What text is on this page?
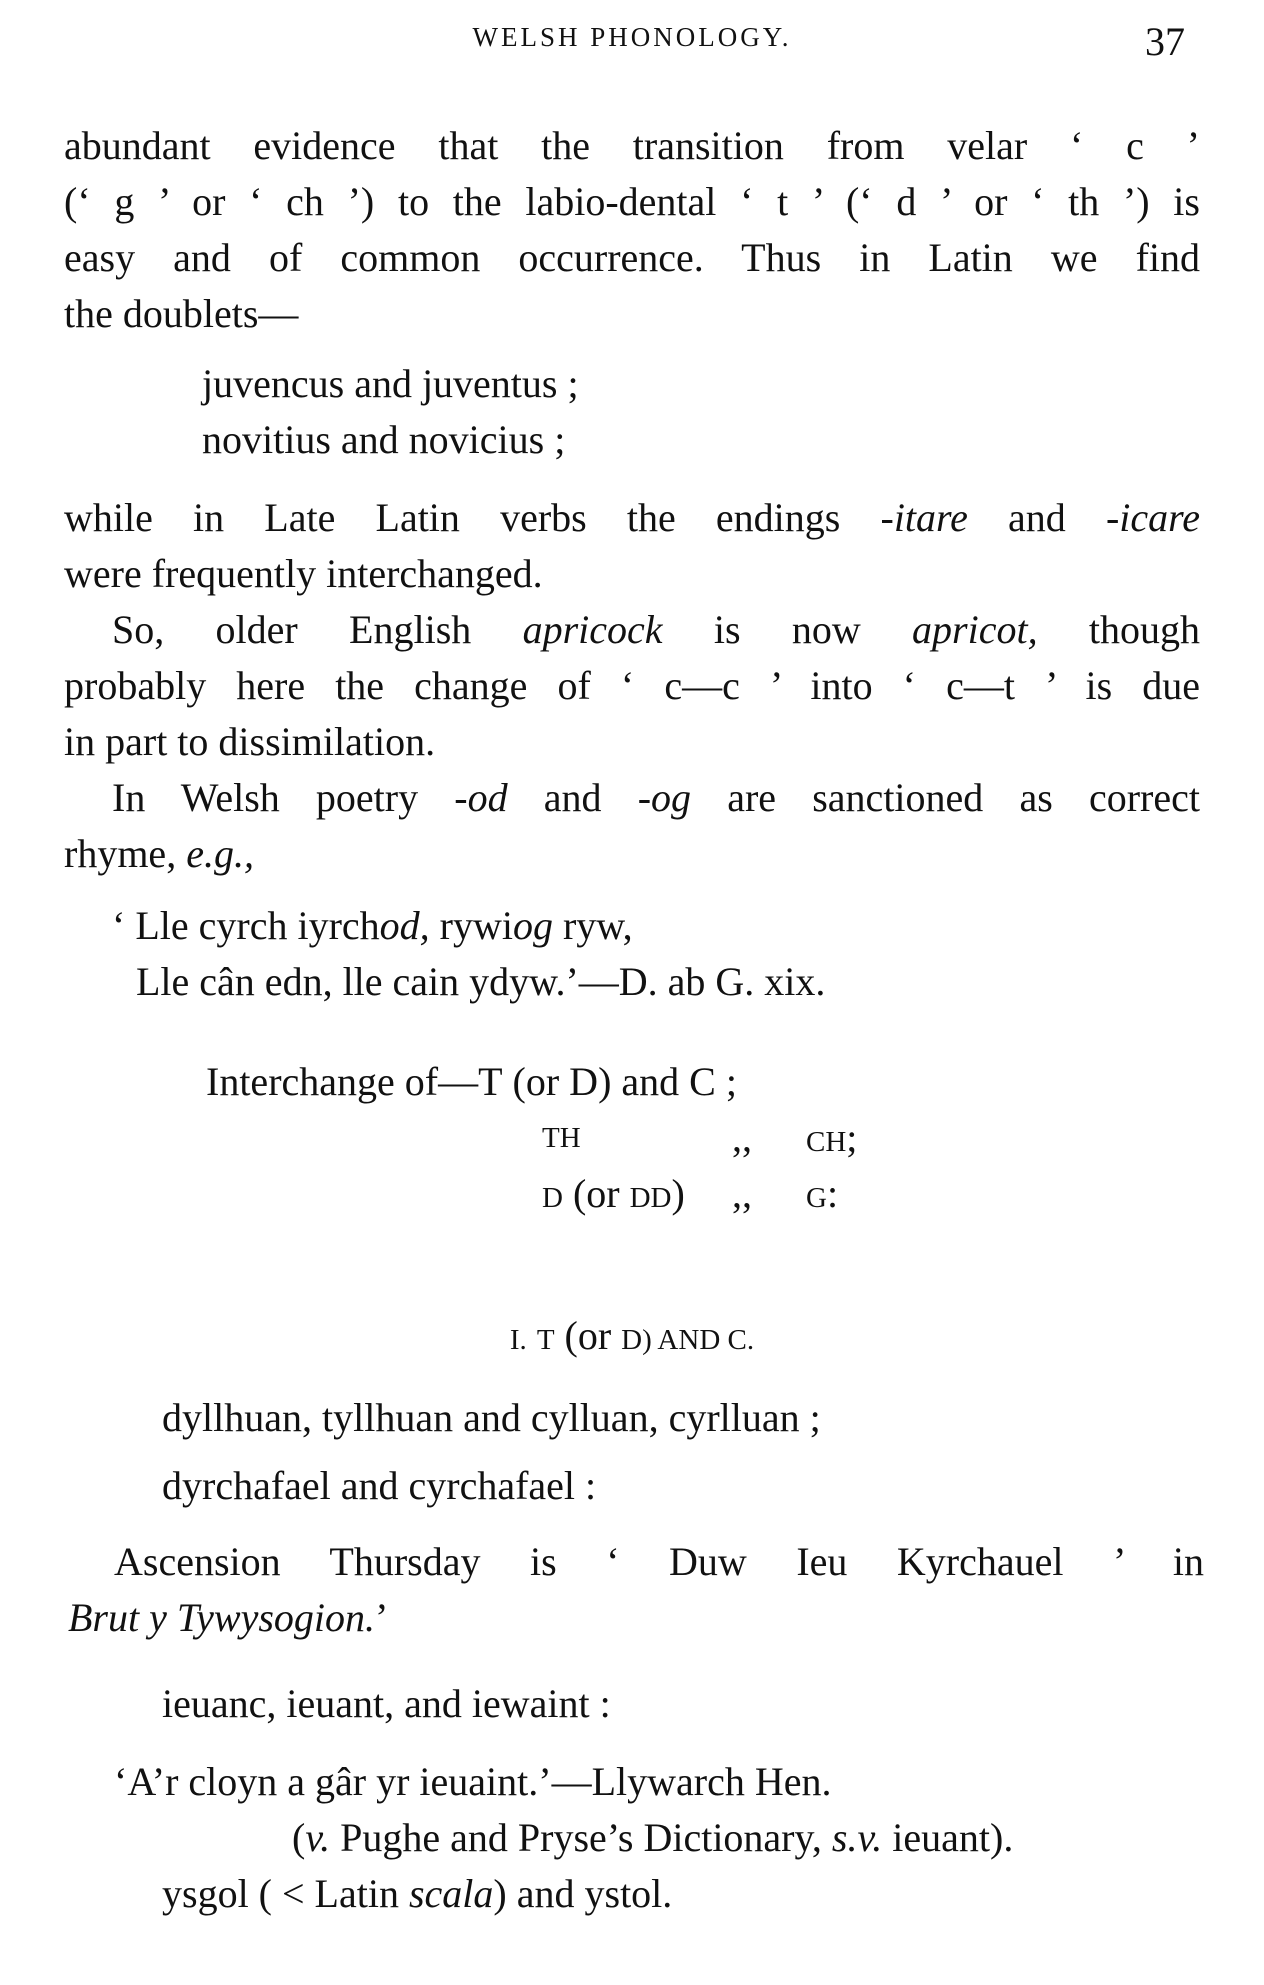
WELSH PHONOLOGY.	37
abundant evidence that the transition from velar ‘ c ’
(‘ g ’ or ‘ ch ’) to the labio-dental ‘ t ’ (‘ d ’ or ‘ th ’) is
easy and of common occurrence. Thus in Latin we find
the doublets—
juvencus and juventus ;
novitius and novicius ;
while in Late Latin verbs the endings -itare and -icare
were frequently interchanged.
So, older English apricock is now apricot, though
probably here the change of ‘ c—c ’ into ‘ c—t ’ is due
in part to dissimilation.
In Welsh poetry -od and -og are sanctioned as correct
rhyme, e.g.,
‘ Lle cyrch iyrchod, rywiog ryw,
Lle cân edn, lle cain ydyw.’—D. ab G. xix.
Interchange of—T (or D) and C ;
TH	,, CH;
D (or DD) ,, G:
I. T (or D) AND C.
dyllhuan, tyllhuan and cylluan, cyrlluan ;
dyrchafael and cyrchafael :
Ascension Thursday is ‘ Duw Ieu Kyrchauel ’ in
Brut y Tywysogion.’
ieuanc, ieuant, and iewaint :
‘A’r cloyn a gâr yr ieuaint.’—Llywarch Hen.
(v. Pughe and Pryse’s Dictionary, s.v. ieuant).
ysgol ( < Latin scala) and ystol.
